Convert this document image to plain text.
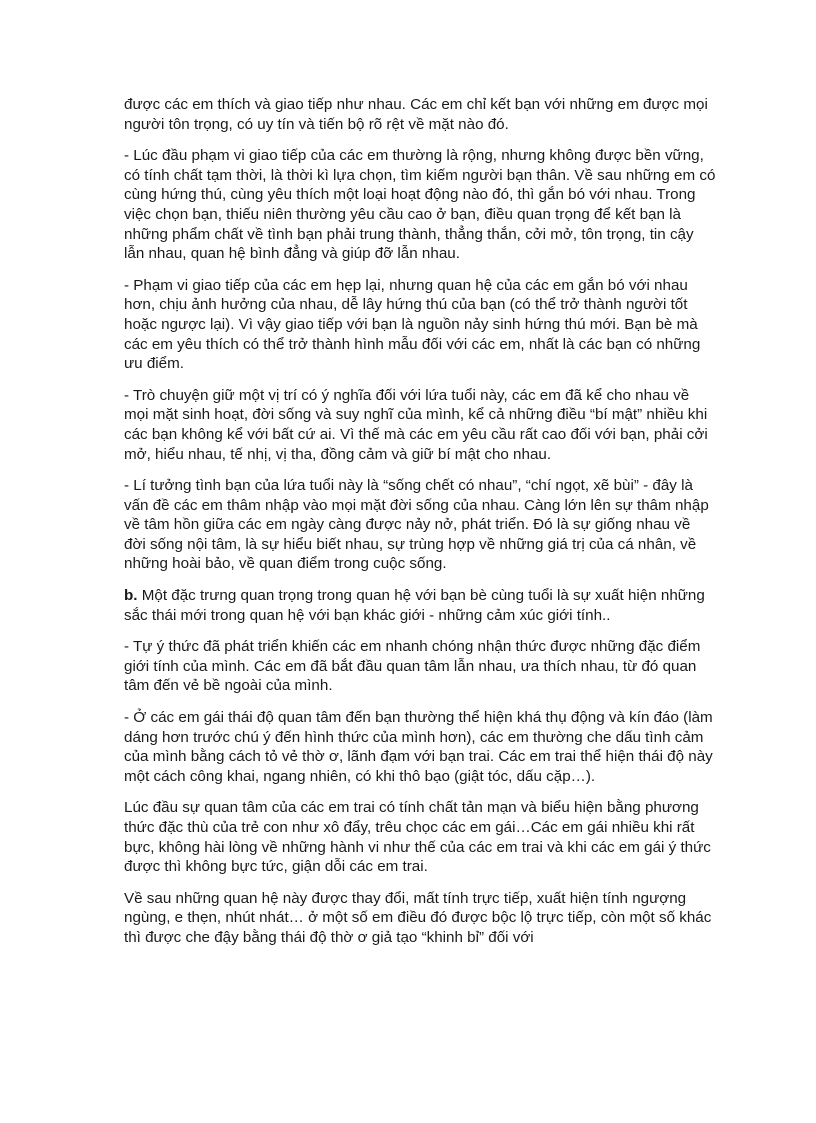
được các em thích và giao tiếp như nhau. Các em chỉ kết bạn với những em được mọi người tôn trọng, có uy tín và tiến bộ rõ rệt về mặt nào đó.

- Lúc đầu phạm vi giao tiếp của các em thường là rộng, nhưng không được bền vững, có tính chất tạm thời, là thời kì lựa chọn, tìm kiếm người bạn thân. Về sau những em có cùng hứng thú, cùng yêu thích một loại hoạt động nào đó, thì gắn bó với nhau. Trong việc chọn bạn, thiếu niên thường yêu cầu cao ở bạn, điều quan trọng để kết bạn là những phẩm chất về tình bạn phải trung thành, thẳng thắn, cởi mở, tôn trọng, tin cậy lẫn nhau, quan hệ bình đẳng và giúp đỡ lẫn nhau.

- Phạm vi giao tiếp của các em hẹp lại, nhưng quan hệ của các em gắn bó với nhau hơn, chịu ảnh hưởng của nhau, dễ lây hứng thú của bạn (có thể trở thành người tốt hoặc ngược lại). Vì vậy giao tiếp với bạn là nguồn nảy sinh hứng thú mới. Bạn bè mà các em yêu thích có thể trở thành hình mẫu đối với các em, nhất là các bạn có những ưu điểm.

- Trò chuyện giữ một vị trí có ý nghĩa đối với lứa tuổi này, các em đã kể cho nhau về mọi mặt sinh hoạt, đời sống và suy nghĩ của mình, kể cả những điều “bí mật” nhiều khi các bạn không kể với bất cứ ai. Vì thế mà các em yêu cầu rất cao đối với bạn, phải cởi mở, hiểu nhau, tế nhị, vị tha, đồng cảm và giữ bí mật cho nhau.

- Lí tưởng tình bạn của lứa tuổi này là “sống chết có nhau”, “chí ngọt, xẽ bùi” - đây là vấn đề các em thâm nhập vào mọi mặt đời sống của nhau. Càng lớn lên sự thâm nhập về tâm hồn giữa các em ngày càng được nảy nở, phát triển. Đó là sự giống nhau về đời sống nội tâm, là sự hiểu biết nhau, sự trùng hợp về những giá trị của cá nhân, về những hoài bảo, về quan điểm trong cuộc sống.

b. Một đặc trưng quan trọng trong quan hệ với bạn bè cùng tuổi là sự xuất hiện những sắc thái mới trong quan hệ với bạn khác giới - những cảm xúc giới tính..

- Tự ý thức đã phát triển khiến các em nhanh chóng nhận thức được những đặc điểm giới tính của mình. Các em đã bắt đầu quan tâm lẫn nhau, ưa thích nhau, từ đó quan tâm đến vẻ bề ngoài của mình.

- Ở các em gái thái độ quan tâm đến bạn thường thể hiện khá thụ động và kín đáo (làm dáng hơn trước chú ý đến hình thức của mình hơn), các em thường che dấu tình cảm của mình bằng cách tỏ vẻ thờ ơ, lãnh đạm với bạn trai. Các em trai thể hiện thái độ này một cách công khai, ngang nhiên, có khi thô bạo (giật tóc, dấu cặp…).

Lúc đầu sự quan tâm của các em trai có tính chất tản mạn và biểu hiện bằng phương thức đặc thù của trẻ con như xô đẩy, trêu chọc các em gái…Các em gái nhiều khi rất bực, không hài lòng về những hành vi như thế của các em trai và khi các em gái ý thức được thì không bực tức, giận dỗi các em trai.

Về sau những quan hệ này được thay đổi, mất tính trực tiếp, xuất hiện tính ngượng ngùng, e thẹn, nhút nhát… ở một số em điều đó được bộc lộ trực tiếp, còn một số khác thì được che đậy bằng thái độ thờ ơ giả tạo “khinh bỉ” đối với
